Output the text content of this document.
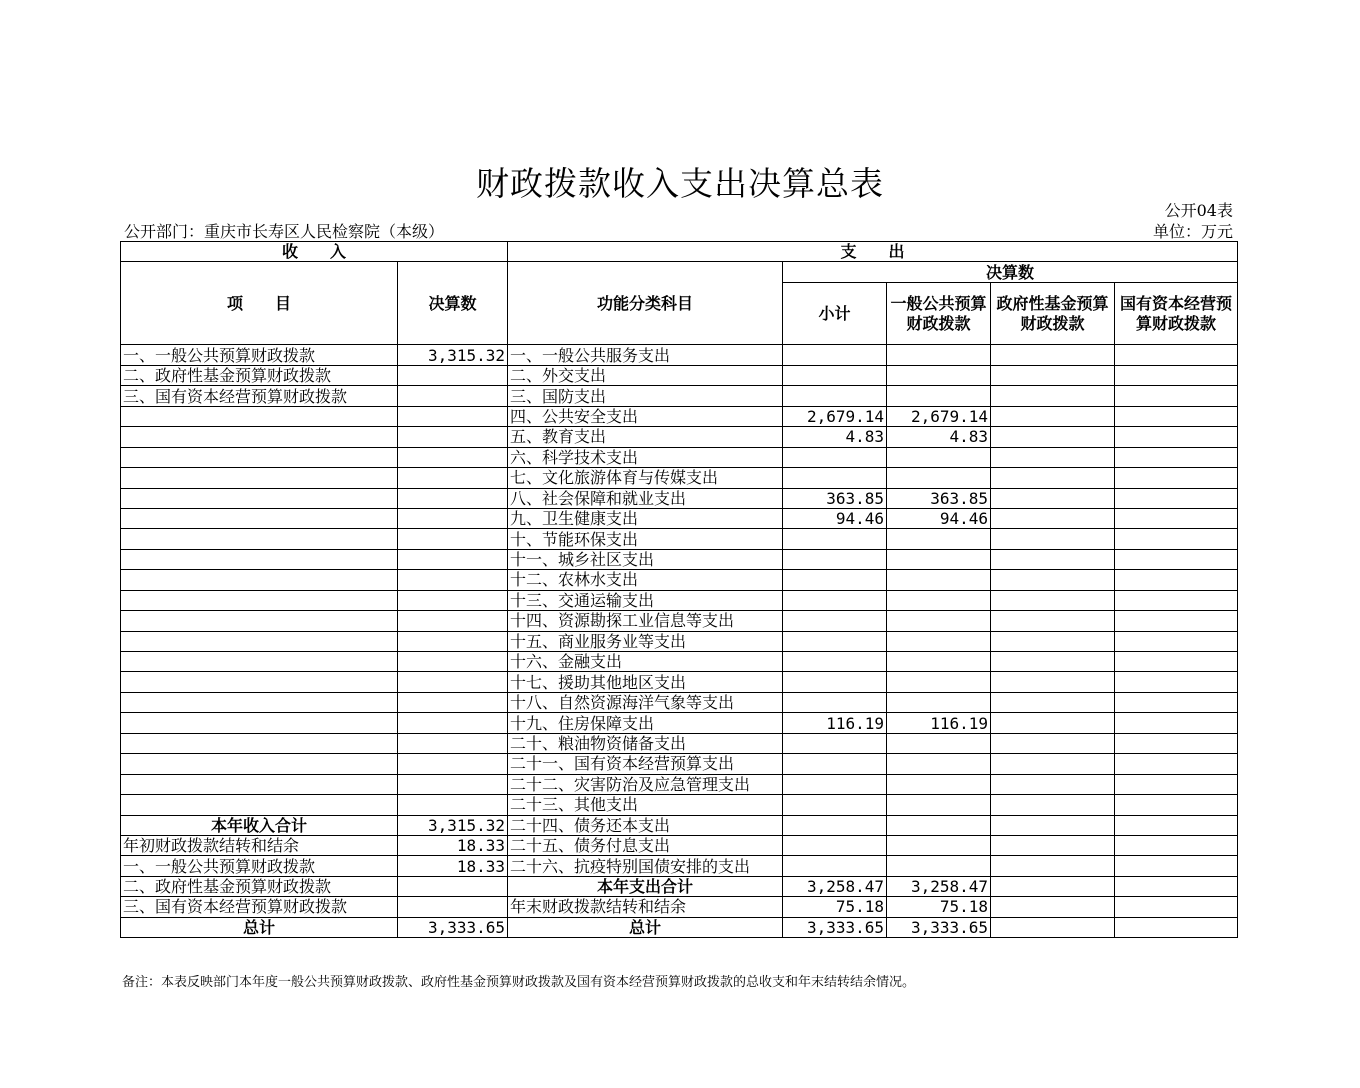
财政拨款收入支出决算总表
公开04表
单位：万元
公开部门：重庆市长寿区人民检察院（本级）
收　　入		支　　出				
项　　目	决算数	功能分类科目	决算数			
			小计	一般公共预算财政拨款	政府性基金预算财政拨款	国有资本经营预算财政拨款
一、一般公共预算财政拨款	3,315.32	一、一般公共服务支出				
二、政府性基金预算财政拨款		二、外交支出				
三、国有资本经营预算财政拨款		三、国防支出				
		四、公共安全支出	2,679.14	2,679.14		
		五、教育支出	4.83	4.83		
		六、科学技术支出				
		七、文化旅游体育与传媒支出				
		八、社会保障和就业支出	363.85	363.85		
		九、卫生健康支出	94.46	94.46		
		十、节能环保支出				
		十一、城乡社区支出				
		十二、农林水支出				
		十三、交通运输支出				
		十四、资源勘探工业信息等支出				
		十五、商业服务业等支出				
		十六、金融支出				
		十七、援助其他地区支出				
		十八、自然资源海洋气象等支出				
		十九、住房保障支出	116.19	116.19		
		二十、粮油物资储备支出				
		二十一、国有资本经营预算支出				
		二十二、灾害防治及应急管理支出				
		二十三、其他支出				
本年收入合计	3,315.32	二十四、债务还本支出				
年初财政拨款结转和结余	18.33	二十五、债务付息支出				
一、一般公共预算财政拨款	18.33	二十六、抗疫特别国债安排的支出				
二、政府性基金预算财政拨款		本年支出合计	3,258.47	3,258.47		
三、国有资本经营预算财政拨款		年末财政拨款结转和结余	75.18	75.18		
总计	3,333.65	总计	3,333.65	3,333.65		
备注：本表反映部门本年度一般公共预算财政拨款、政府性基金预算财政拨款及国有资本经营预算财政拨款的总收支和年末结转结余情况。
